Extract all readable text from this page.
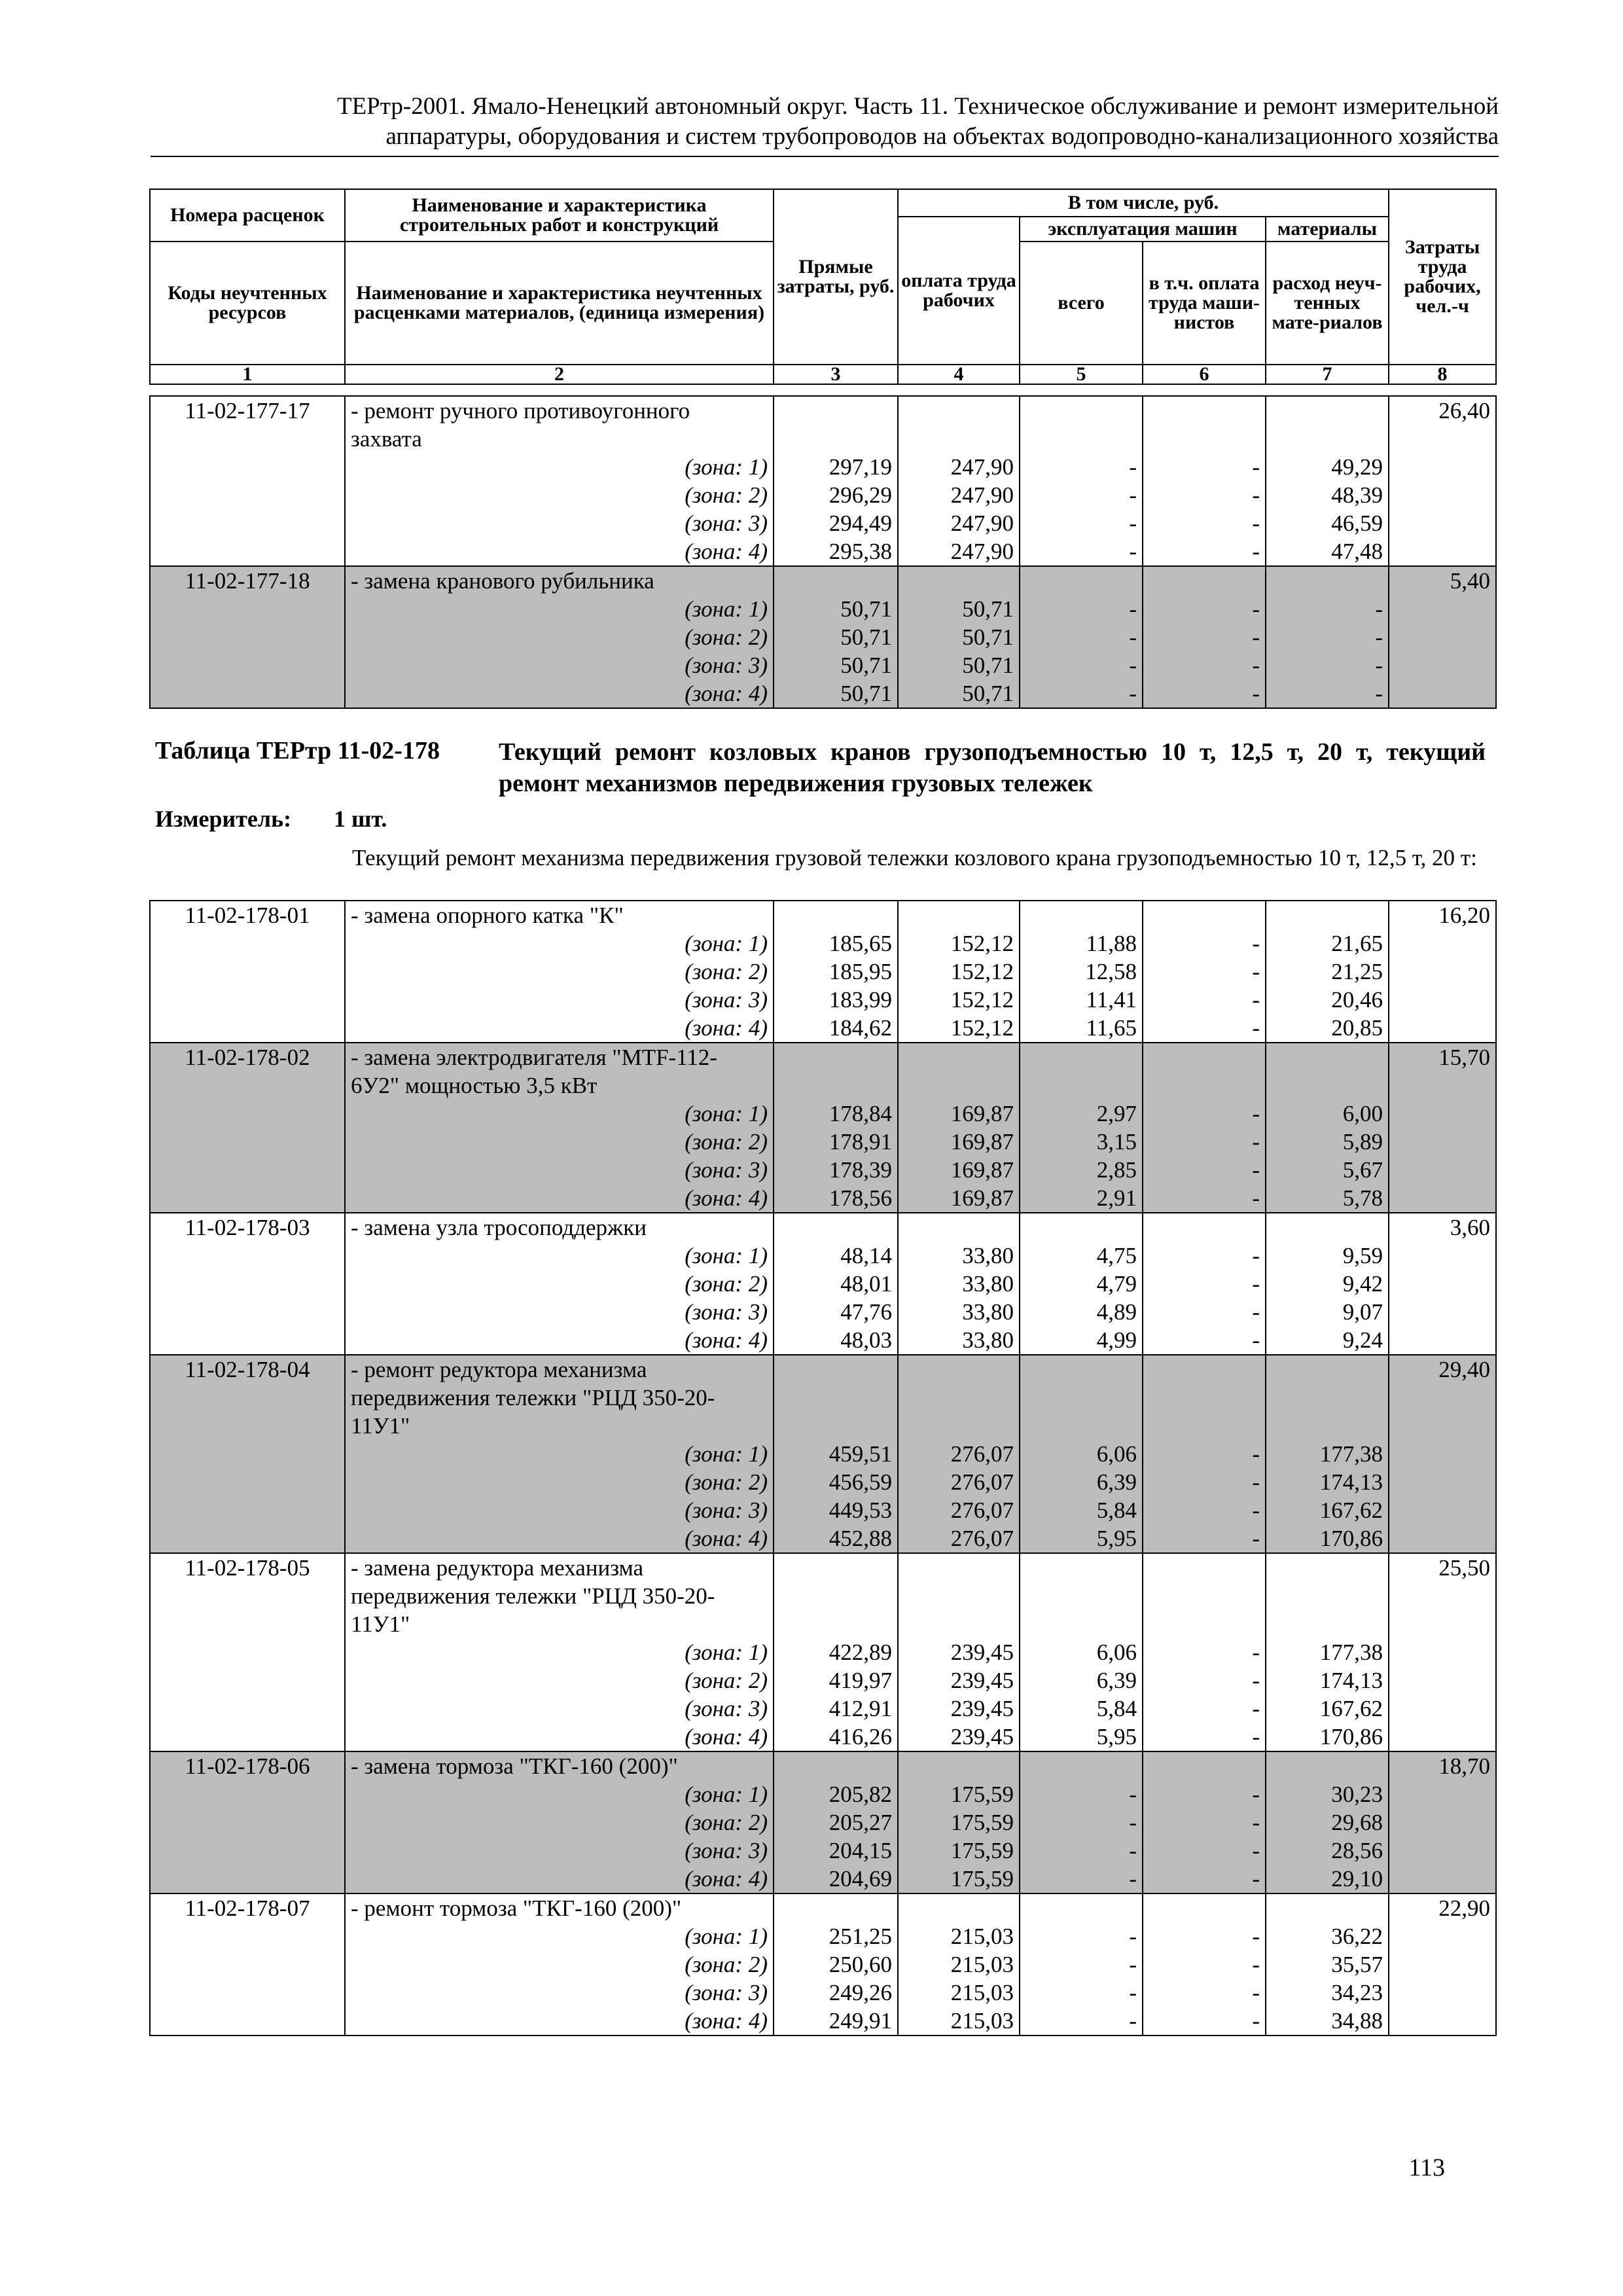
ТЕРтр-2001. Ямало-Ненецкий автономный округ. Часть 11. Техническое обслуживание и ремонт измерительной
аппаратуры, оборудования и систем трубопроводов на объектах водопроводно-канализационного хозяйства
Номера расценок	Наименование и характеристика строительных работ и конструкций	Прямые затраты, руб.	В том числе, руб.				Затраты труда рабочих, чел.-ч
			оплата труда рабочих	эксплуатация машин		материалы	
Коды неучтенных ресурсов	Наименование и характеристика неучтенных расценками материалов, (единица измерения)			всего	в т.ч. оплата труда маши-нистов	расход неуч-тенных мате-риалов	

1	2	3	4	5	6	7	8
11-02-177-17	- ремонт ручного противоугонного						26,40
	захвата						
	(зона: 1)	297,19	247,90	-	-	49,29	
	(зона: 2)	296,29	247,90	-	-	48,39	
	(зона: 3)	294,49	247,90	-	-	46,59	
	(зона: 4)	295,38	247,90	-	-	47,48	
11-02-177-18	- замена кранового рубильника						5,40
	(зона: 1)	50,71	50,71	-	-	-	
	(зона: 2)	50,71	50,71	-	-	-	
	(зона: 3)	50,71	50,71	-	-	-	
	(зона: 4)	50,71	50,71	-	-	-	
Таблица ТЕРтр 11-02-178 Текущий ремонт козловых кранов грузоподъемностью 10 т, 12,5 т, 20 т, текущий ремонт механизмов передвижения грузовых тележек
Измеритель: 1 шт.
Текущий ремонт механизма передвижения грузовой тележки козлового крана грузоподъемностью 10 т, 12,5 т, 20 т:
11-02-178-01	- замена опорного катка "К"						16,20
	(зона: 1)	185,65	152,12	11,88	-	21,65	
	(зона: 2)	185,95	152,12	12,58	-	21,25	
	(зона: 3)	183,99	152,12	11,41	-	20,46	
	(зона: 4)	184,62	152,12	11,65	-	20,85	
11-02-178-02	- замена электродвигателя "MTF-112-						15,70
	6У2" мощностью 3,5 кВт						
	(зона: 1)	178,84	169,87	2,97	-	6,00	
	(зона: 2)	178,91	169,87	3,15	-	5,89	
	(зона: 3)	178,39	169,87	2,85	-	5,67	
	(зона: 4)	178,56	169,87	2,91	-	5,78	
11-02-178-03	- замена узла тросоподдержки						3,60
	(зона: 1)	48,14	33,80	4,75	-	9,59	
	(зона: 2)	48,01	33,80	4,79	-	9,42	
	(зона: 3)	47,76	33,80	4,89	-	9,07	
	(зона: 4)	48,03	33,80	4,99	-	9,24	
11-02-178-04	- ремонт редуктора механизма						29,40
	передвижения тележки "РЦД 350-20-						
	11У1"						
	(зона: 1)	459,51	276,07	6,06	-	177,38	
	(зона: 2)	456,59	276,07	6,39	-	174,13	
	(зона: 3)	449,53	276,07	5,84	-	167,62	
	(зона: 4)	452,88	276,07	5,95	-	170,86	
11-02-178-05	- замена редуктора механизма						25,50
	передвижения тележки "РЦД 350-20-						
	11У1"						
	(зона: 1)	422,89	239,45	6,06	-	177,38	
	(зона: 2)	419,97	239,45	6,39	-	174,13	
	(зона: 3)	412,91	239,45	5,84	-	167,62	
	(зона: 4)	416,26	239,45	5,95	-	170,86	
11-02-178-06	- замена тормоза "ТКГ-160 (200)"						18,70
	(зона: 1)	205,82	175,59	-	-	30,23	
	(зона: 2)	205,27	175,59	-	-	29,68	
	(зона: 3)	204,15	175,59	-	-	28,56	
	(зона: 4)	204,69	175,59	-	-	29,10	
11-02-178-07	- ремонт тормоза "ТКГ-160 (200)"						22,90
	(зона: 1)	251,25	215,03	-	-	36,22	
	(зона: 2)	250,60	215,03	-	-	35,57	
	(зона: 3)	249,26	215,03	-	-	34,23	
	(зона: 4)	249,91	215,03	-	-	34,88	
113
